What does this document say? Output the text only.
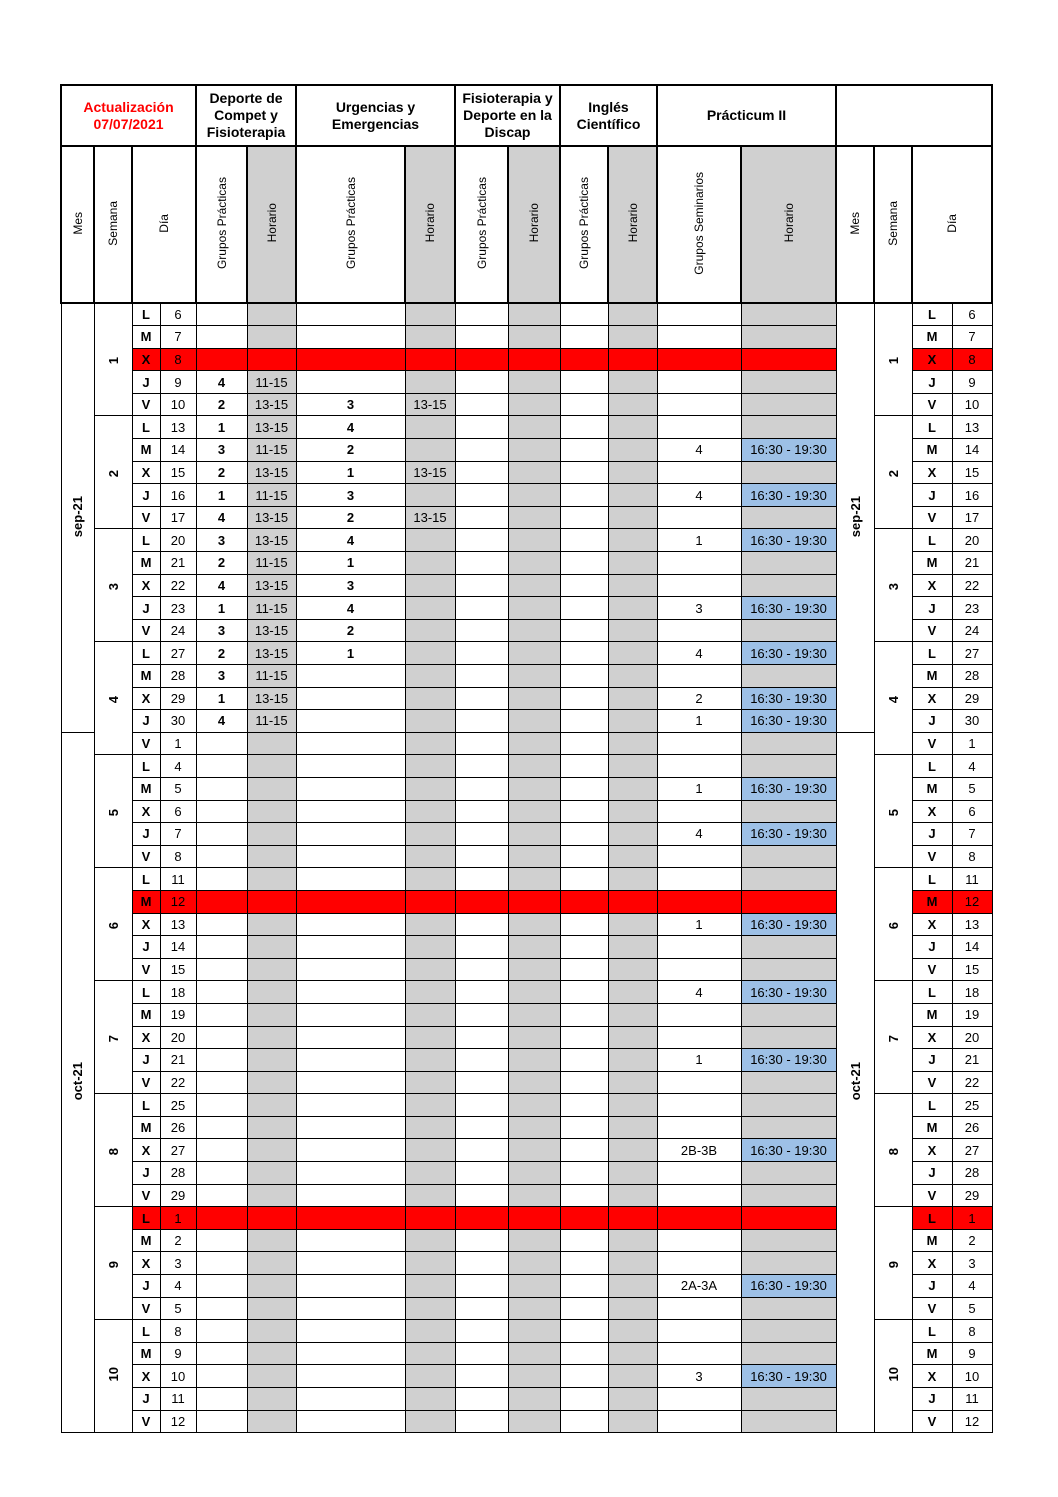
Actualización 07/07/2021				Deporte de Compet y Fisioterapia		Urgencias y Emergencias		Fisioterapia y Deporte en la Discap		Inglés Científico		Prácticum II					
Mes	Semana	Día		Grupos Prácticas	Horario	Grupos Prácticas	Horario	Grupos Prácticas	Horario	Grupos Prácticas	Horario	Grupos Seminarios	Horario	Mes	Semana	Día	
sep-21	1	L	6											sep-21	1	L	6
		M	7													M	7
		X	8													X	8
		J	9	4	11-15											J	9
		V	10	2	13-15	3	13-15									V	10
	2	L	13	1	13-15	4									2	L	13
		M	14	3	11-15	2						4	16:30 - 19:30			M	14
		X	15	2	13-15	1	13-15									X	15
		J	16	1	11-15	3						4	16:30 - 19:30			J	16
		V	17	4	13-15	2	13-15									V	17
	3	L	20	3	13-15	4						1	16:30 - 19:30		3	L	20
		M	21	2	11-15	1										M	21
		X	22	4	13-15	3										X	22
		J	23	1	11-15	4						3	16:30 - 19:30			J	23
		V	24	3	13-15	2										V	24
	4	L	27	2	13-15	1						4	16:30 - 19:30		4	L	27
		M	28	3	11-15											M	28
		X	29	1	13-15							2	16:30 - 19:30			X	29
		J	30	4	11-15							1	16:30 - 19:30			J	30
oct-21		V	1											oct-21		V	1
	5	L	4												5	L	4
		M	5									1	16:30 - 19:30			M	5
		X	6													X	6
		J	7									4	16:30 - 19:30			J	7
		V	8													V	8
	6	L	11												6	L	11
		M	12													M	12
		X	13									1	16:30 - 19:30			X	13
		J	14													J	14
		V	15													V	15
	7	L	18									4	16:30 - 19:30		7	L	18
		M	19													M	19
		X	20													X	20
		J	21									1	16:30 - 19:30			J	21
		V	22													V	22
	8	L	25												8	L	25
		M	26													M	26
		X	27									2B-3B	16:30 - 19:30			X	27
		J	28													J	28
		V	29													V	29
	9	L	1												9	L	1
		M	2													M	2
		X	3													X	3
		J	4									2A-3A	16:30 - 19:30			J	4
		V	5													V	5
	10	L	8												10	L	8
		M	9													M	9
		X	10									3	16:30 - 19:30			X	10
		J	11													J	11
		V	12													V	12
